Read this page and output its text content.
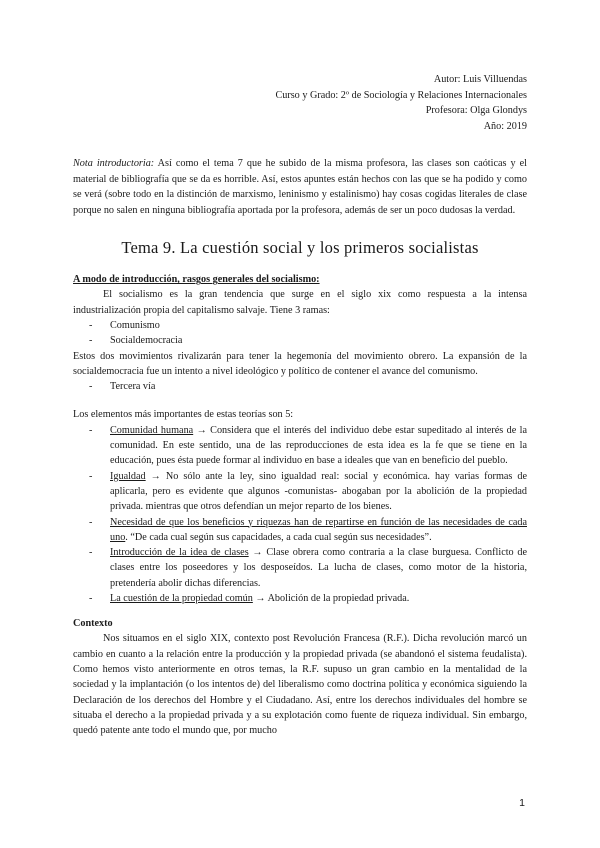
Autor: Luis Villuendas
Curso y Grado: 2º de Sociología y Relaciones Internacionales
Profesora: Olga Glondys
Año: 2019

Nota introductoria: Así como el tema 7 que he subido de la misma profesora, las clases son caóticas y el material de bibliografía que se da es horrible. Así, estos apuntes están hechos con las que se ha podido y como se verá (sobre todo en la distinción de marxismo, leninismo y estalinismo) hay cosas cogidas literales de clase porque no salen en ninguna bibliografía aportada por la profesora, además de ser un poco dudosas la verdad.

Tema 9. La cuestión social y los primeros socialistas
A modo de introducción, rasgos generales del socialismo:

El socialismo es la gran tendencia que surge en el siglo xix como respuesta a la intensa industrialización propia del capitalismo salvaje. Tiene 3 ramas:

- Comunismo
- Socialdemocracia

Estos dos movimientos rivalizarán para tener la hegemonía del movimiento obrero. La expansión de la socialdemocracia fue un intento a nivel ideológico y político de contener el avance del comunismo.

- Tercera vía

Los elementos más importantes de estas teorías son 5:

- Comunidad humana → Considera que el interés del individuo debe estar supeditado al interés de la comunidad. En este sentido, una de las reproducciones de esta idea es la fe que se tiene en la educación, pues ésta puede formar al individuo en base a ideales que van en beneficio del pueblo.
- Igualdad → No sólo ante la ley, sino igualdad real: social y económica. hay varias formas de aplicarla, pero es evidente que algunos -comunistas- abogaban por la abolición de la propiedad privada. mientras que otros defendían un mejor reparto de los bienes.
- Necesidad de que los beneficios y riquezas han de repartirse en función de las necesidades de cada uno. “De cada cual según sus capacidades, a cada cual según sus necesidades”.
- Introducción de la idea de clases → Clase obrera como contraria a la clase burguesa. Conflicto de clases entre los poseedores y los desposeídos. La lucha de clases, como motor de la historia, pretendería abolir dichas diferencias.
- La cuestión de la propiedad común → Abolición de la propiedad privada.
Contexto

Nos situamos en el siglo XIX, contexto post Revolución Francesa (R.F.). Dicha revolución marcó un cambio en cuanto a la relación entre la producción y la propiedad privada (se abandonó el sistema feudalista). Como hemos visto anteriormente en otros temas, la R.F. supuso un gran cambio en la mentalidad de la sociedad y la implantación (o los intentos de) del liberalismo como doctrina política y económica siguiendo la Declaración de los derechos del Hombre y el Ciudadano. Así, entre los derechos individuales del hombre se situaba el derecho a la propiedad privada y a su explotación como fuente de riqueza individual. Sin embargo, quedó patente ante todo el mundo que, por mucho

1
